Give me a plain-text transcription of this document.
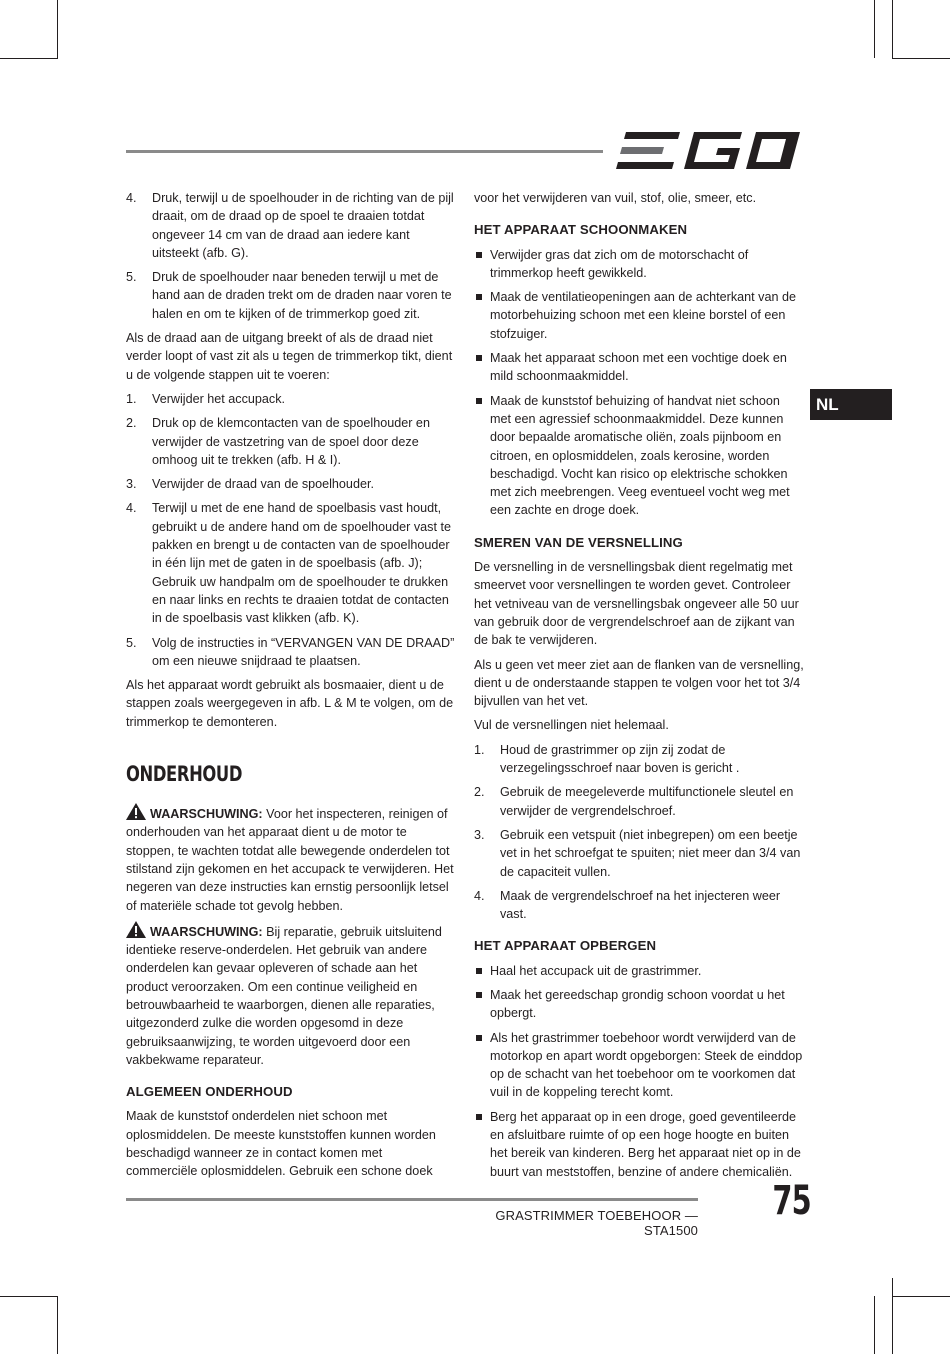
NL
4.	Druk, terwijl u de spoelhouder in de richting van de pijl draait, om de draad op de spoel te draaien totdat ongeveer 14 cm van de draad aan iedere kant uitsteekt (afb. G).
5.	Druk de spoelhouder naar beneden terwijl u met de hand aan de draden trekt om de draden naar voren te halen en om te kijken of de trimmerkop goed zit.

Als de draad aan de uitgang breekt of als de draad niet verder loopt of vast zit als u tegen de trimmerkop tikt, dient u de volgende stappen uit te voeren:

1.	Verwijder het accupack.
2.	Druk op de klemcontacten van de spoelhouder en verwijder de vastzetring van de spoel door deze omhoog uit te trekken (afb. H & I).
3.	Verwijder de draad van de spoelhouder.
4.	Terwijl u met de ene hand de spoelbasis vast houdt, gebruikt u de andere hand om de spoelhouder vast te pakken en brengt u de contacten van de spoelhouder in één lijn met de gaten in de spoelbasis (afb. J); Gebruik uw handpalm om de spoelhouder te drukken en naar links en rechts te draaien totdat de contacten in de spoelbasis vast klikken (afb. K).
5.	Volg de instructies in “VERVANGEN VAN DE DRAAD” om een nieuwe snijdraad te plaatsen.

Als het apparaat wordt gebruikt als bosmaaier, dient u de stappen zoals weergegeven in afb. L & M te volgen, om de trimmerkop te demonteren.

ONDERHOUD

WAARSCHUWING: Voor het inspecteren, reinigen of onderhouden van het apparaat dient u de motor te stoppen, te wachten totdat alle bewegende onderdelen tot stilstand zijn gekomen en het accupack te verwijderen. Het negeren van deze instructies kan ernstig persoonlijk letsel of materiële schade tot gevolg hebben.

WAARSCHUWING: Bij reparatie, gebruik uitsluitend identieke reserve-onderdelen. Het gebruik van andere onderdelen kan gevaar opleveren of schade aan het product veroorzaken. Om een continue veiligheid en betrouwbaarheid te waarborgen, dienen alle reparaties, uitgezonderd zulke die worden opgesomd in deze gebruiksaanwijzing, te worden uitgevoerd door een vakbekwame reparateur.

ALGEMEEN ONDERHOUD

Maak de kunststof onderdelen niet schoon met oplosmiddelen. De meeste kunststoffen kunnen worden beschadigd wanneer ze in contact komen met commerciële oplosmiddelen. Gebruik een schone doek

voor het verwijderen van vuil, stof, olie, smeer, etc.

HET APPARAAT SCHOONMAKEN
Verwijder gras dat zich om de motorschacht of trimmerkop heeft gewikkeld.
Maak de ventilatieopeningen aan de achterkant van de motorbehuizing schoon met een kleine borstel of een stofzuiger.
Maak het apparaat schoon met een vochtige doek en mild schoonmaakmiddel.
Maak de kunststof behuizing of handvat niet schoon met een agressief schoonmaakmiddel. Deze kunnen door bepaalde aromatische oliën, zoals pijnboom en citroen, en oplosmiddelen, zoals kerosine, worden beschadigd. Vocht kan risico op elektrische schokken met zich meebrengen. Veeg eventueel vocht weg met een zachte en droge doek.
SMEREN VAN DE VERSNELLING

De versnelling in de versnellingsbak dient regelmatig met smeervet voor versnellingen te worden gevet. Controleer het vetniveau van de versnellingsbak ongeveer alle 50 uur van gebruik door de vergrendelschroef aan de zijkant van de bak te verwijderen.

Als u geen vet meer ziet aan de flanken van de versnelling, dient u de onderstaande stappen te volgen voor het tot 3/4 bijvullen van het vet.

Vul de versnellingen niet helemaal.

1.	Houd de grastrimmer op zijn zij zodat de verzegelingsschroef naar boven is gericht .
2.	Gebruik de meegeleverde multifunctionele sleutel en verwijder de vergrendelschroef.
3.	Gebruik een vetspuit (niet inbegrepen) om een beetje vet in het schroefgat te spuiten; niet meer dan 3/4 van de capaciteit vullen.
4.	Maak de vergrendelschroef na het injecteren weer vast.
HET APPARAAT OPBERGEN
Haal het accupack uit de grastrimmer.
Maak het gereedschap grondig schoon voordat u het opbergt.
Als het grastrimmer toebehoor wordt verwijderd van de motorkop en apart wordt opgeborgen: Steek de einddop op de schacht van het toebehoor om te voorkomen dat vuil in de koppeling terecht komt.
Berg het apparaat op in een droge, goed geventileerde en afsluitbare ruimte of op een hoge hoogte en buiten het bereik van kinderen. Berg het apparaat niet op in de buurt van meststoffen, benzine of andere chemicaliën.
GRASTRIMMER TOEBEHOOR — STA1500
75
